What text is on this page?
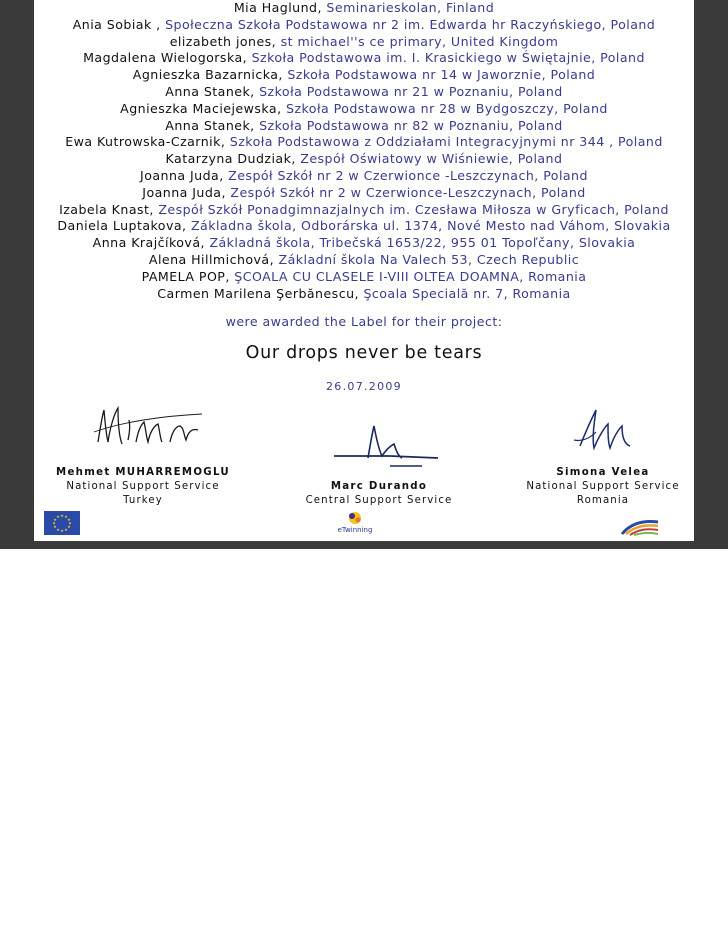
Mia Haglund, Seminarieskolan, Finland
Ania Sobiak , Społeczna Szkoła Podstawowa nr 2 im. Edwarda hr Raczyńskiego, Poland
elizabeth jones, st michael''s ce primary, United Kingdom
Magdalena Wielogorska, Szkoła Podstawowa im. I. Krasickiego w Świętajnie, Poland
Agnieszka Bazarnicka, Szkoła Podstawowa nr 14 w Jaworznie, Poland
Anna Stanek, Szkoła Podstawowa nr 21 w Poznaniu, Poland
Agnieszka Maciejewska, Szkoła Podstawowa nr 28 w Bydgoszczy, Poland
Anna Stanek, Szkoła Podstawowa nr 82 w Poznaniu, Poland
Ewa Kutrowska-Czarnik, Szkoła Podstawowa z Oddziałami Integracyjnymi nr 344 , Poland
Katarzyna Dudziak, Zespół Oświatowy w Wiśniewie, Poland
Joanna Juda, Zespół Szkół nr 2 w Czerwionce -Leszczynach, Poland
Joanna Juda, Zespół Szkół nr 2 w Czerwionce-Leszczynach, Poland
Izabela Knast, Zespół Szkół Ponadgimnazjalnych im. Czesława Miłosza w Gryficach, Poland
Daniela Luptakova, Základna škola, Odborárska ul. 1374, Nové Mesto nad Váhom, Slovakia
Anna Krajčíková, Základná škola, Tribečská 1653/22, 955 01 Topoľčany, Slovakia
Alena Hillmichová, Základní škola Na Valech 53, Czech Republic
PAMELA POP, ŞCOALA CU CLASELE I-VIII OLTEA DOAMNA, Romania
Carmen Marilena Şerbănescu, Şcoala Specială nr. 7, Romania
were awarded the Label for their project:
Our drops never be tears
26.07.2009
Mehmet MUHARREMOGLU
National Support Service
Turkey
Marc Durando
Central Support Service
Simona Velea
National Support Service
Romania
★ ★
★
★
★
★
★
★
★
★
★
★
eTwinning
